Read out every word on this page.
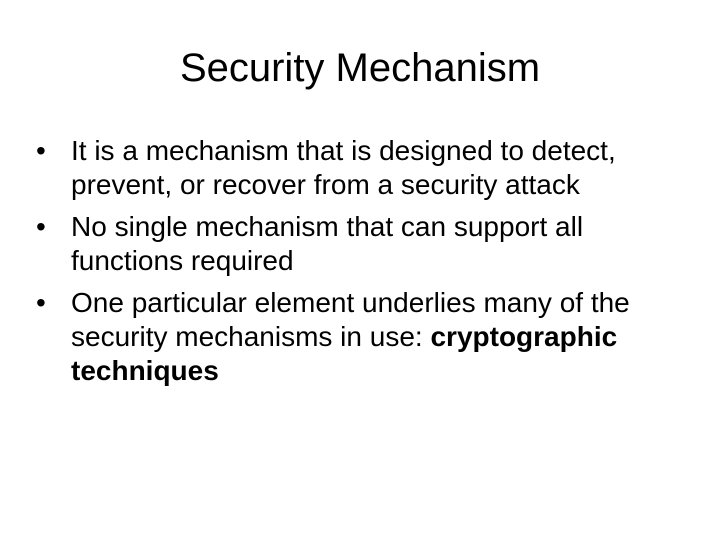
Security Mechanism
• It is a mechanism that is designed to detect, prevent, or recover from a security attack
• No single mechanism that can support all functions required
• One particular element underlies many of the security mechanisms in use: cryptographic techniques
